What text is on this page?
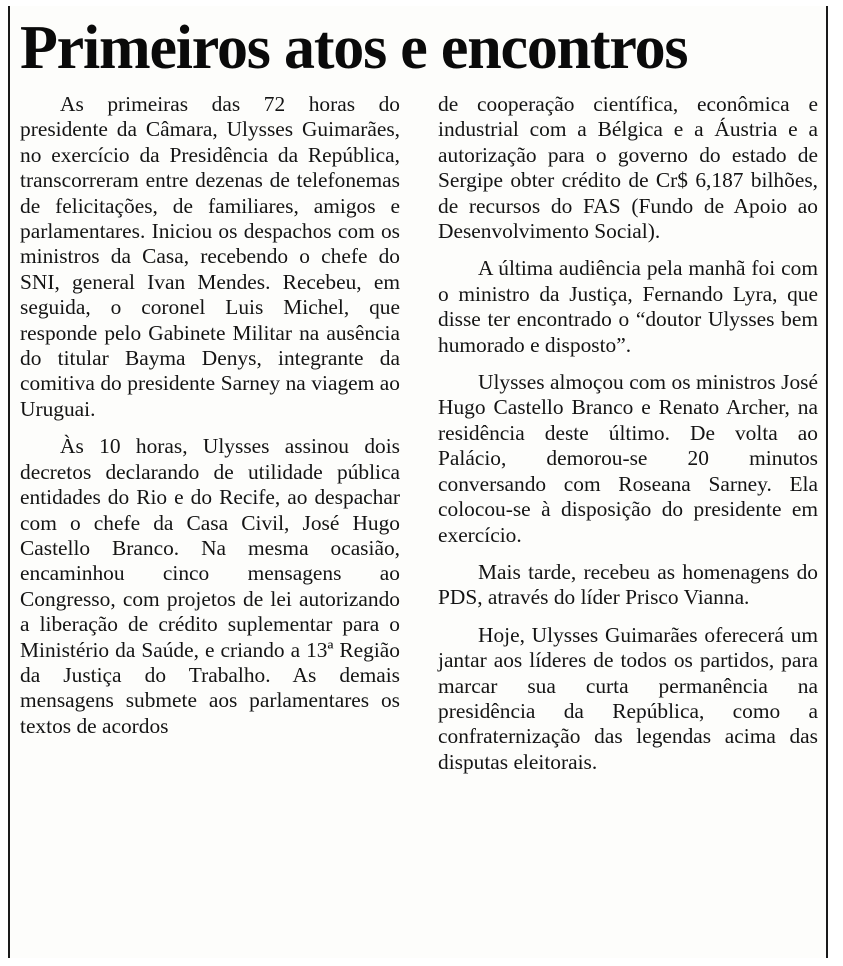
Primeiros atos e encontros

As primeiras das 72 horas do presidente da Câmara, Ulysses Guimarães, no exercício da Presidência da República, transcorreram entre dezenas de telefonemas de felicitações, de familiares, amigos e parlamentares. Iniciou os despachos com os ministros da Casa, recebendo o chefe do SNI, general Ivan Mendes. Recebeu, em seguida, o coronel Luis Michel, que responde pelo Gabinete Militar na ausência do titular Bayma Denys, integrante da comitiva do presidente Sarney na viagem ao Uruguai.

Às 10 horas, Ulysses assinou dois decretos declarando de utilidade pública entidades do Rio e do Recife, ao despachar com o chefe da Casa Civil, José Hugo Castello Branco. Na mesma ocasião, encaminhou cinco mensagens ao Congresso, com projetos de lei autorizando a liberação de crédito suplementar para o Ministério da Saúde, e criando a 13ª Região da Justiça do Trabalho. As demais mensagens submete aos parlamentares os textos de acordos

de cooperação científica, econômica e industrial com a Bélgica e a Áustria e a autorização para o governo do estado de Sergipe obter crédito de Cr$ 6,187 bilhões, de recursos do FAS (Fundo de Apoio ao Desenvolvimento Social).

A última audiência pela manhã foi com o ministro da Justiça, Fernando Lyra, que disse ter encontrado o “doutor Ulysses bem humorado e disposto”.

Ulysses almoçou com os ministros José Hugo Castello Branco e Renato Archer, na residência deste último. De volta ao Palácio, demorou-se 20 minutos conversando com Roseana Sarney. Ela colocou-se à disposição do presidente em exercício.

Mais tarde, recebeu as homenagens do PDS, através do líder Prisco Vianna.

Hoje, Ulysses Guimarães oferecerá um jantar aos líderes de todos os partidos, para marcar sua curta permanência na presidência da República, como a confraternização das legendas acima das disputas eleitorais.
